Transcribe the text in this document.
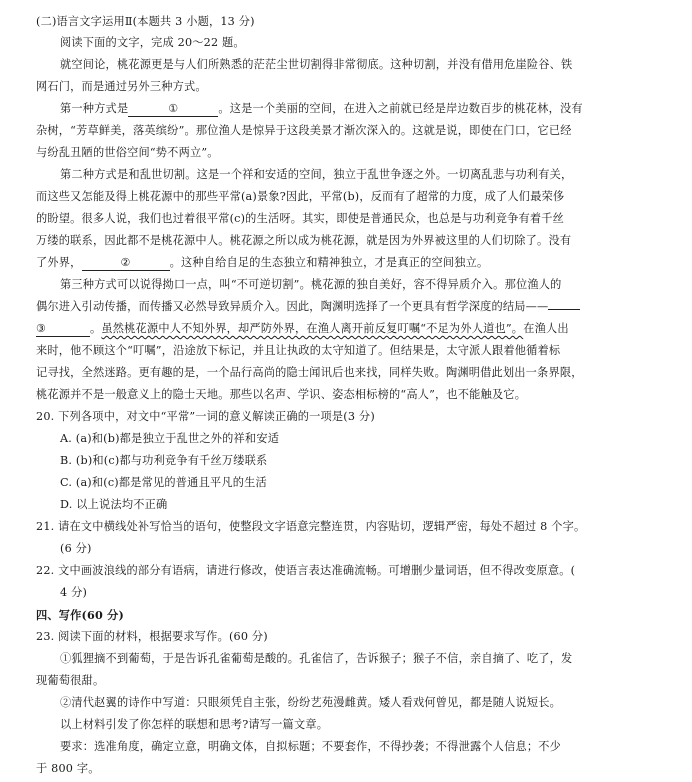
(二)语言文字运用Ⅱ(本题共 3 小题，13 分)
阅读下面的文字，完成 20～22 题。
就空间论，桃花源更是与人们所熟悉的茫茫尘世切割得非常彻底。这种切割，并没有借用危崖险谷、铁
网石门，而是通过另外三种方式。
第一种方式是	①	。这是一个美丽的空间，在进入之前就已经是岸边数百步的桃花林，没有
杂树，“芳草鲜美，落英缤纷”。那位渔人是惊异于这段美景才渐次深入的。这就是说，即使在门口，它已经
与纷乱丑陋的世俗空间“势不两立”。
第二种方式是和乱世切割。这是一个祥和安适的空间，独立于乱世争逐之外。一切离乱悲与功利有关，
而这些又怎能及得上桃花源中的那些平常(a)景象?因此，平常(b)，反而有了超常的力度，成了人们最荣侈
的盼望。很多人说，我们也过着很平常(c)的生活呀。其实，即使是普通民众，也总是与功利竞争有着千丝
万缕的联系，因此都不是桃花源中人。桃花源之所以成为桃花源，就是因为外界被这里的人们切除了。没有
了外界，	②	。这种自给自足的生态独立和精神独立，才是真正的空间独立。
第三种方式可以说得拗口一点，叫“不可逆切割”。桃花源的独自美好，容不得异质介入。那位渔人的
偶尔进入引动传播，而传播又必然导致异质介入。因此，陶渊明选择了一个更具有哲学深度的结局——
③	。虽然桃花源中人不知外界，却严防外界，在渔人离开前反复叮嘱“不足为外人道也”。在渔人出
来时，他不顾这个“叮嘱”，沿途放下标记，并且让执政的太守知道了。但结果是，太守派人跟着他循着标
记寻找，全然迷路。更有趣的是，一个品行高尚的隐士闻讯后也来找，同样失败。陶渊明借此划出一条界限，
桃花源并不是一般意义上的隐士天地。那些以名声、学识、姿态相标榜的“高人”，也不能触及它。
20. 下列各项中，对文中“平常”一词的意义解读正确的一项是(3 分)
A. (a)和(b)都是独立于乱世之外的祥和安适
B. (b)和(c)都与功利竞争有千丝万缕联系
C. (a)和(c)都是常见的普通且平凡的生活
D. 以上说法均不正确
21. 请在文中横线处补写恰当的语句，使整段文字语意完整连贯，内容贴切，逻辑严密，每处不超过 8 个字。
(6 分)
22. 文中画波浪线的部分有语病，请进行修改，使语言表达准确流畅。可增删少量词语，但不得改变原意。(
4 分)
四、写作(60 分)
23. 阅读下面的材料，根据要求写作。(60 分)
①狐狸摘不到葡萄，于是告诉孔雀葡萄是酸的。孔雀信了，告诉猴子；猴子不信，亲自摘了、吃了，发
现葡萄很甜。
②清代赵翼的诗作中写道：只眼须凭自主张，纷纷艺苑漫雌黄。矮人看戏何曾见，都是随人说短长。
以上材料引发了你怎样的联想和思考?请写一篇文章。
要求：选准角度，确定立意，明确文体，自拟标题；不要套作，不得抄袭；不得泄露个人信息；不少
于 800 字。
